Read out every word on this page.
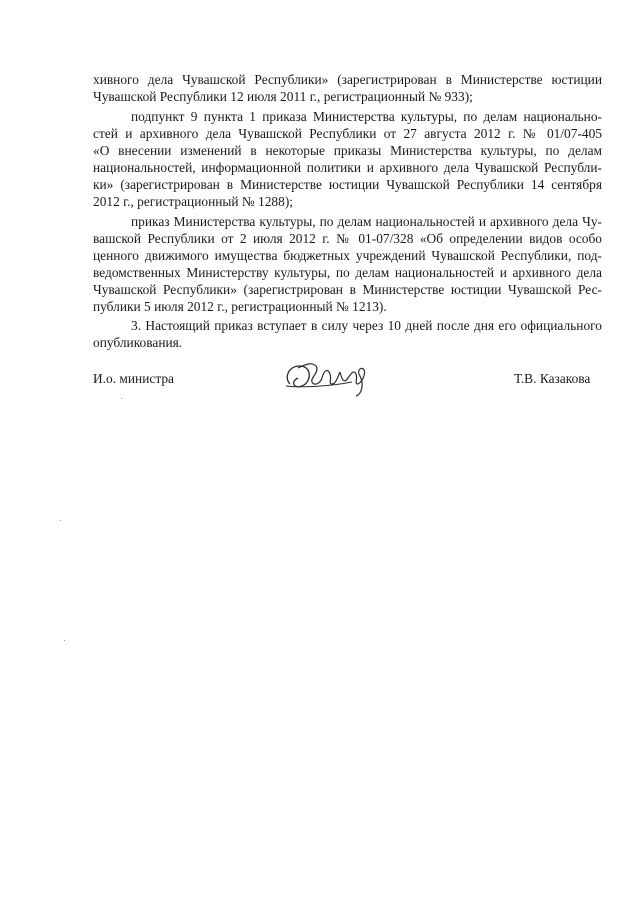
хивного дела Чувашской Республики» (зарегистрирован в Министерстве юстиции
Чувашской Республики 12 июля 2011 г., регистрационный № 933);
подпункт 9 пункта 1 приказа Министерства культуры, по делам национально-
стей и архивного дела Чувашской Республики от 27 августа 2012 г. № 01/07-405
«О внесении изменений в некоторые приказы Министерства культуры, по делам
национальностей, информационной политики и архивного дела Чувашской Республи-
ки» (зарегистрирован в Министерстве юстиции Чувашской Республики 14 сентября
2012 г., регистрационный № 1288);
приказ Министерства культуры, по делам национальностей и архивного дела Чу-
вашской Республики от 2 июля 2012 г. № 01-07/328 «Об определении видов особо
ценного движимого имущества бюджетных учреждений Чувашской Республики, под-
ведомственных Министерству культуры, по делам национальностей и архивного дела
Чувашской Республики» (зарегистрирован в Министерстве юстиции Чувашской Рес-
публики 5 июля 2012 г., регистрационный № 1213).
3. Настоящий приказ вступает в силу через 10 дней после дня его официального
опубликования.
И.о. министра	Т.В. Казакова
